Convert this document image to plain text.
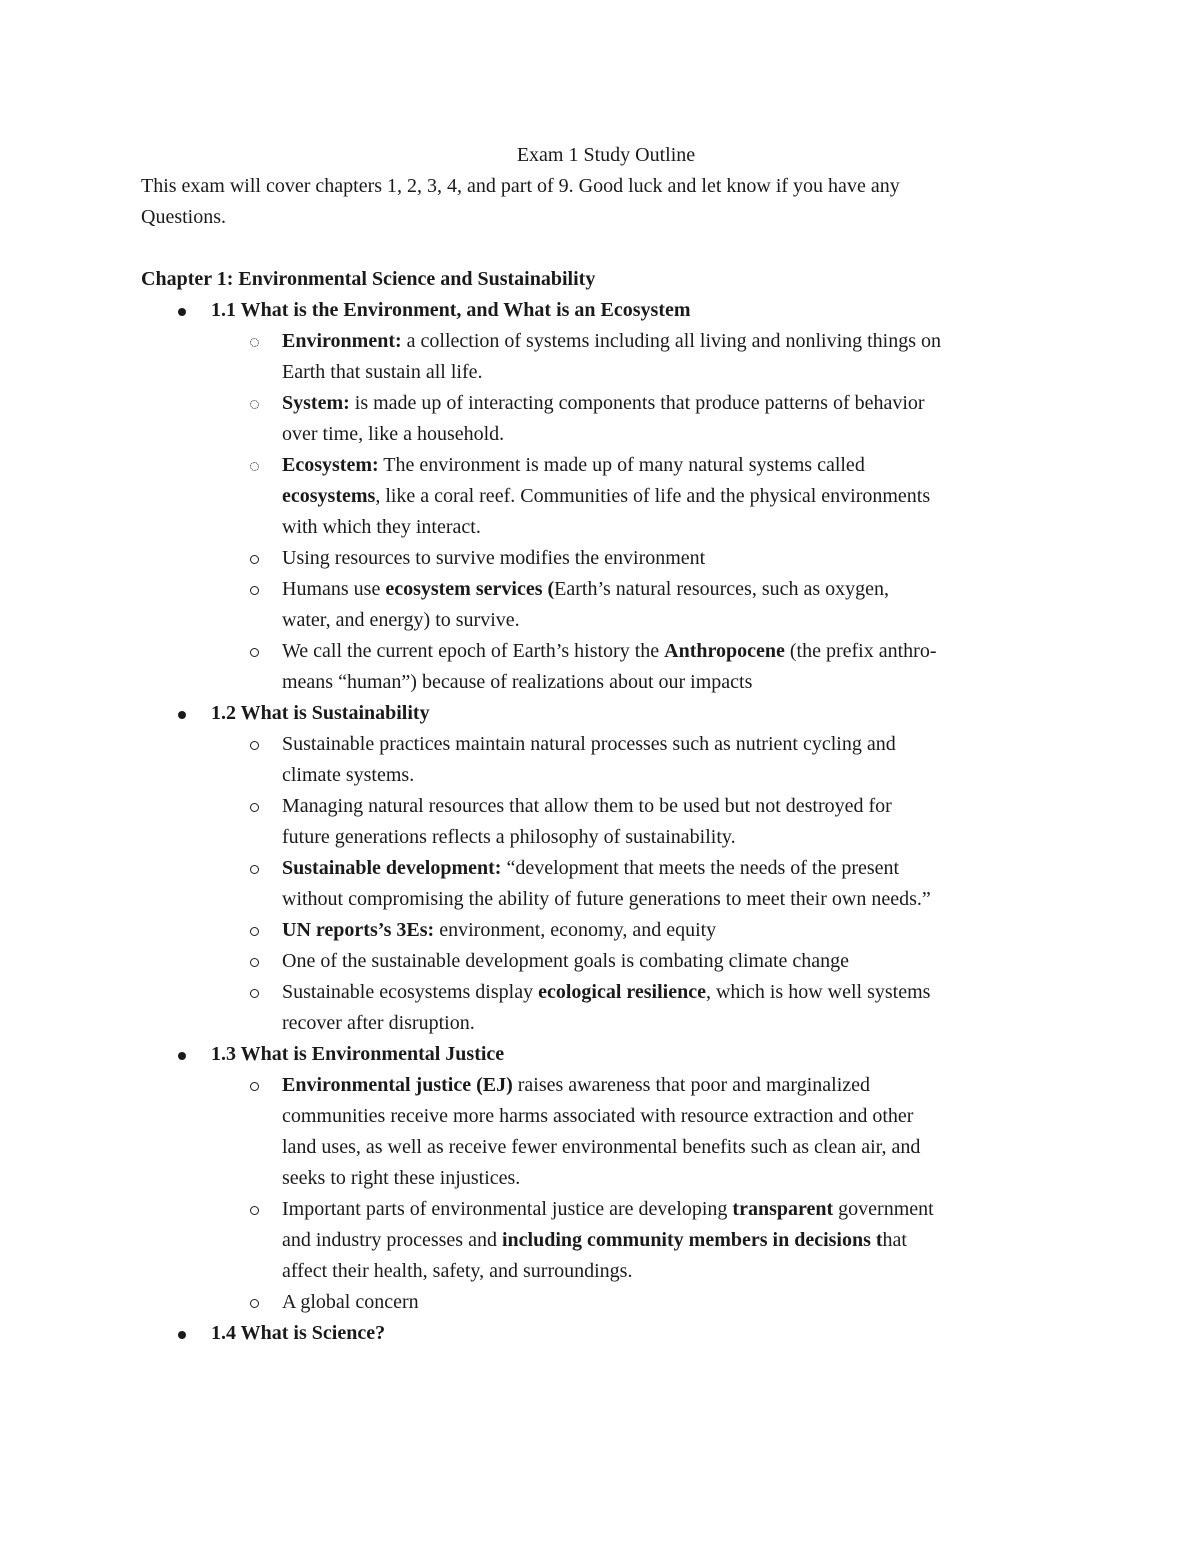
Exam 1 Study Outline

This exam will cover chapters 1, 2, 3, 4, and part of 9. Good luck and let know if you have any

Questions.

Chapter 1: Environmental Science and Sustainability

1.1 What is the Environment, and What is an Ecosystem

Environment: a collection of systems including all living and nonliving things on

Earth that sustain all life.

System: is made up of interacting components that produce patterns of behavior

over time, like a household.

Ecosystem: The environment is made up of many natural systems called

ecosystems, like a coral reef. Communities of life and the physical environments

with which they interact.

Using resources to survive modifies the environment

Humans use ecosystem services (Earth’s natural resources, such as oxygen,

water, and energy) to survive.

We call the current epoch of Earth’s history the Anthropocene (the prefix anthro-

means “human”) because of realizations about our impacts

1.2 What is Sustainability

Sustainable practices maintain natural processes such as nutrient cycling and

climate systems.

Managing natural resources that allow them to be used but not destroyed for

future generations reflects a philosophy of sustainability.

Sustainable development: “development that meets the needs of the present

without compromising the ability of future generations to meet their own needs.”

UN reports’s 3Es: environment, economy, and equity

One of the sustainable development goals is combating climate change

Sustainable ecosystems display ecological resilience, which is how well systems

recover after disruption.

1.3 What is Environmental Justice

Environmental justice (EJ) raises awareness that poor and marginalized

communities receive more harms associated with resource extraction and other

land uses, as well as receive fewer environmental benefits such as clean air, and

seeks to right these injustices.

Important parts of environmental justice are developing transparent government

and industry processes and including community members in decisions that

affect their health, safety, and surroundings.

A global concern

1.4 What is Science?
